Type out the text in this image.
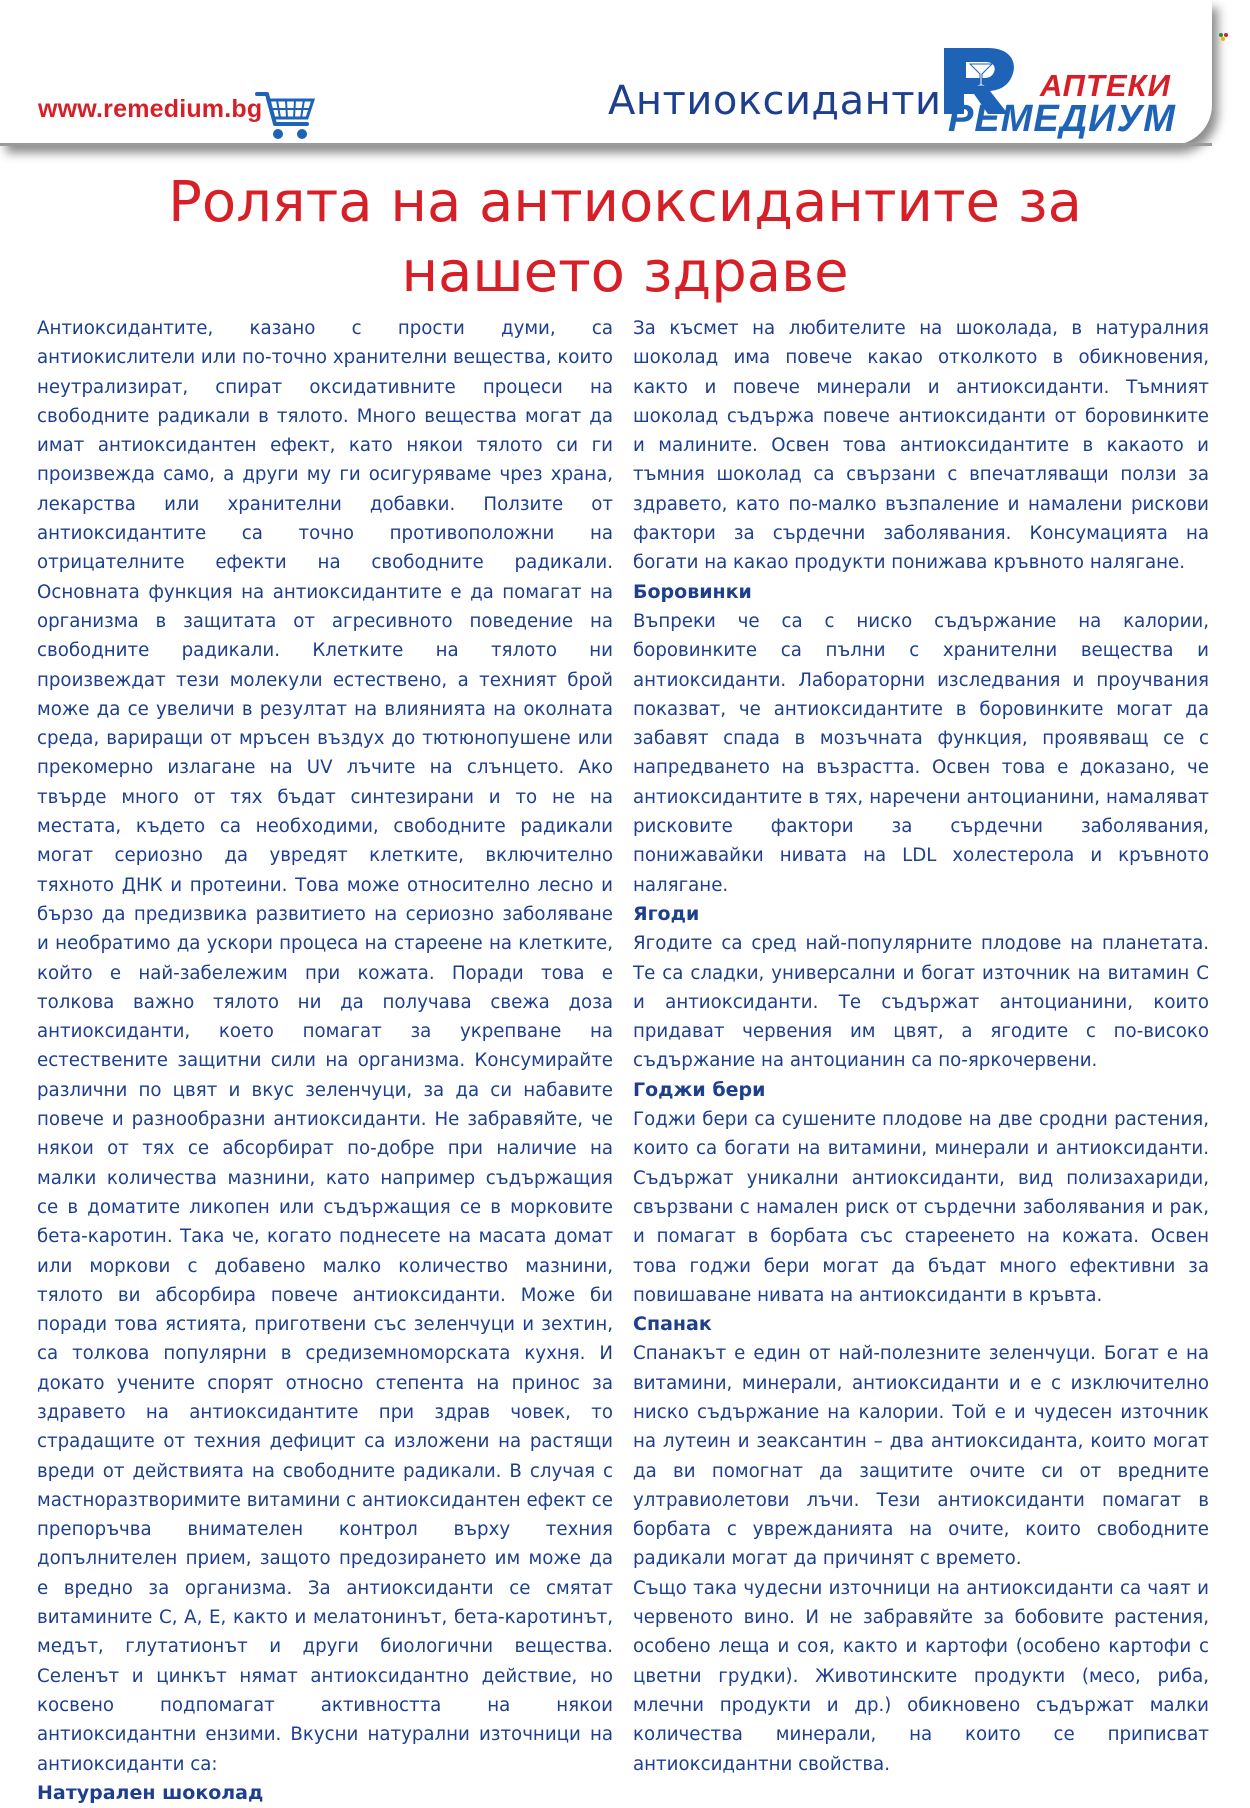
www.remedium.bg	Антиоксиданти	АПТЕКИ
РЕМЕДИУМ
Ролята на антиоксидантите за
нашето здраве

Антиоксидантите, казано с прости думи, са антиокислители или по-точно хранителни вещества, които неутрализират, спират оксидативните процеси на свободните радикали в тялото. Много вещества могат да имат антиоксидантен ефект, като някои тялото си ги произвежда само, а други му ги осигуряваме чрез храна, лекарства или хранителни добавки. Ползите от антиоксидантите са точно противоположни на отрицателните ефекти на свободните радикали. Основната функция на антиоксидантите е да помагат на организма в защитата от агресивното поведение на свободните радикали. Клетките на тялото ни произвеждат тези молекули естествено, а техният брой може да се увеличи в резултат на влиянията на околната среда, вариращи от мръсен въздух до тютюнопушене или прекомерно излагане на UV лъчите на слънцето. Ако твърде много от тях бъдат синтезирани и то не на местата, където са необходими, свободните радикали могат сериозно да увредят клетките, включително тяхното ДНК и протеини. Това може относително лесно и бързо да предизвика развитието на сериозно заболяване и необратимо да ускори процеса на стареене на клетките, който е най-забележим при кожата. Поради това е толкова важно тялото ни да получава свежа доза антиоксиданти, което помагат за укрепване на естествените защитни сили на организма. Консумирайте различни по цвят и вкус зеленчуци, за да си набавите повече и разнообразни антиоксиданти. Не забравяйте, че някои от тях се абсорбират по-добре при наличие на малки количества мазнини, като например съдържащия се в доматите ликопен или съдържащия се в морковите бета-каротин. Така че, когато поднесете на масата домат или моркови с добавено малко количество мазнини, тялото ви абсорбира повече антиоксиданти. Може би поради това ястията, приготвени със зеленчуци и зехтин, са толкова популярни в средиземноморската кухня. И докато учените спорят относно степента на принос за здравето на антиоксидантите при здрав човек, то страдащите от техния дефицит са изложени на растящи вреди от действията на свободните радикали. В случая с мастноразтворимите витамини с антиоксидантен ефект се препоръчва внимателен контрол върху техния допълнителен прием, защото предозирането им може да е вредно за организма. За антиоксиданти се смятат витамините С, А, Е, както и мелатонинът, бета-каротинът, медът, глутатионът и други биологични вещества. Селенът и цинкът нямат антиоксидантно действие, но косвено подпомагат активността на някои антиоксидантни ензими. Вкусни натурални източници на антиоксиданти са:

Натурален шоколад

За късмет на любителите на шоколада, в натуралния шоколад има повече какао отколкото в обикновения, както и повече минерали и антиоксиданти. Тъмният шоколад съдържа повече антиоксиданти от боровинките и малините. Освен това антиоксидантите в какаото и тъмния шоколад са свързани с впечатляващи ползи за здравето, като по-малко възпаление и намалени рискови фактори за сърдечни заболявания. Консумацията на богати на какао продукти понижава кръвното налягане.

Боровинки

Въпреки че са с ниско съдържание на калории, боровинките са пълни с хранителни вещества и антиоксиданти. Лабораторни изследвания и проучвания показват, че антиоксидантите в боровинките могат да забавят спада в мозъчната функция, проявяващ се с напредването на възрастта. Освен това е доказано, че антиоксидантите в тях, наречени антоцианини, намаляват рисковите фактори за сърдечни заболявания, понижавайки нивата на LDL холестерола и кръвното налягане.

Ягоди

Ягодите са сред най-популярните плодове на планетата. Те са сладки, универсални и богат източник на витамин С и антиоксиданти. Те съдържат антоцианини, които придават червения им цвят, а ягодите с по-високо съдържание на антоцианин са по-яркочервени.

Годжи бери

Годжи бери са сушените плодове на две сродни растения, които са богати на витамини, минерали и антиоксиданти. Съдържат уникални антиоксиданти, вид полизахариди, свързвани с намален риск от сърдечни заболявания и рак, и помагат в борбата със стареенето на кожата. Освен това годжи бери могат да бъдат много ефективни за повишаване нивата на антиоксиданти в кръвта.

Спанак

Спанакът е един от най-полезните зеленчуци. Богат е на витамини, минерали, антиоксиданти и е с изключително ниско съдържание на калории. Той е и чудесен източник на лутеин и зеаксантин – два антиоксиданта, които могат да ви помогнат да защитите очите си от вредните ултравиолетови лъчи. Тези антиоксиданти помагат в борбата с уврежданията на очите, които свободните радикали могат да причинят с времето.

Също така чудесни източници на антиоксиданти са чаят и червеното вино. И не забравяйте за бобовите растения, особено леща и соя, както и картофи (особено картофи с цветни грудки). Животинските продукти (месо, риба, млечни продукти и др.) обикновено съдържат малки количества минерали, на които се приписват антиоксидантни свойства.
